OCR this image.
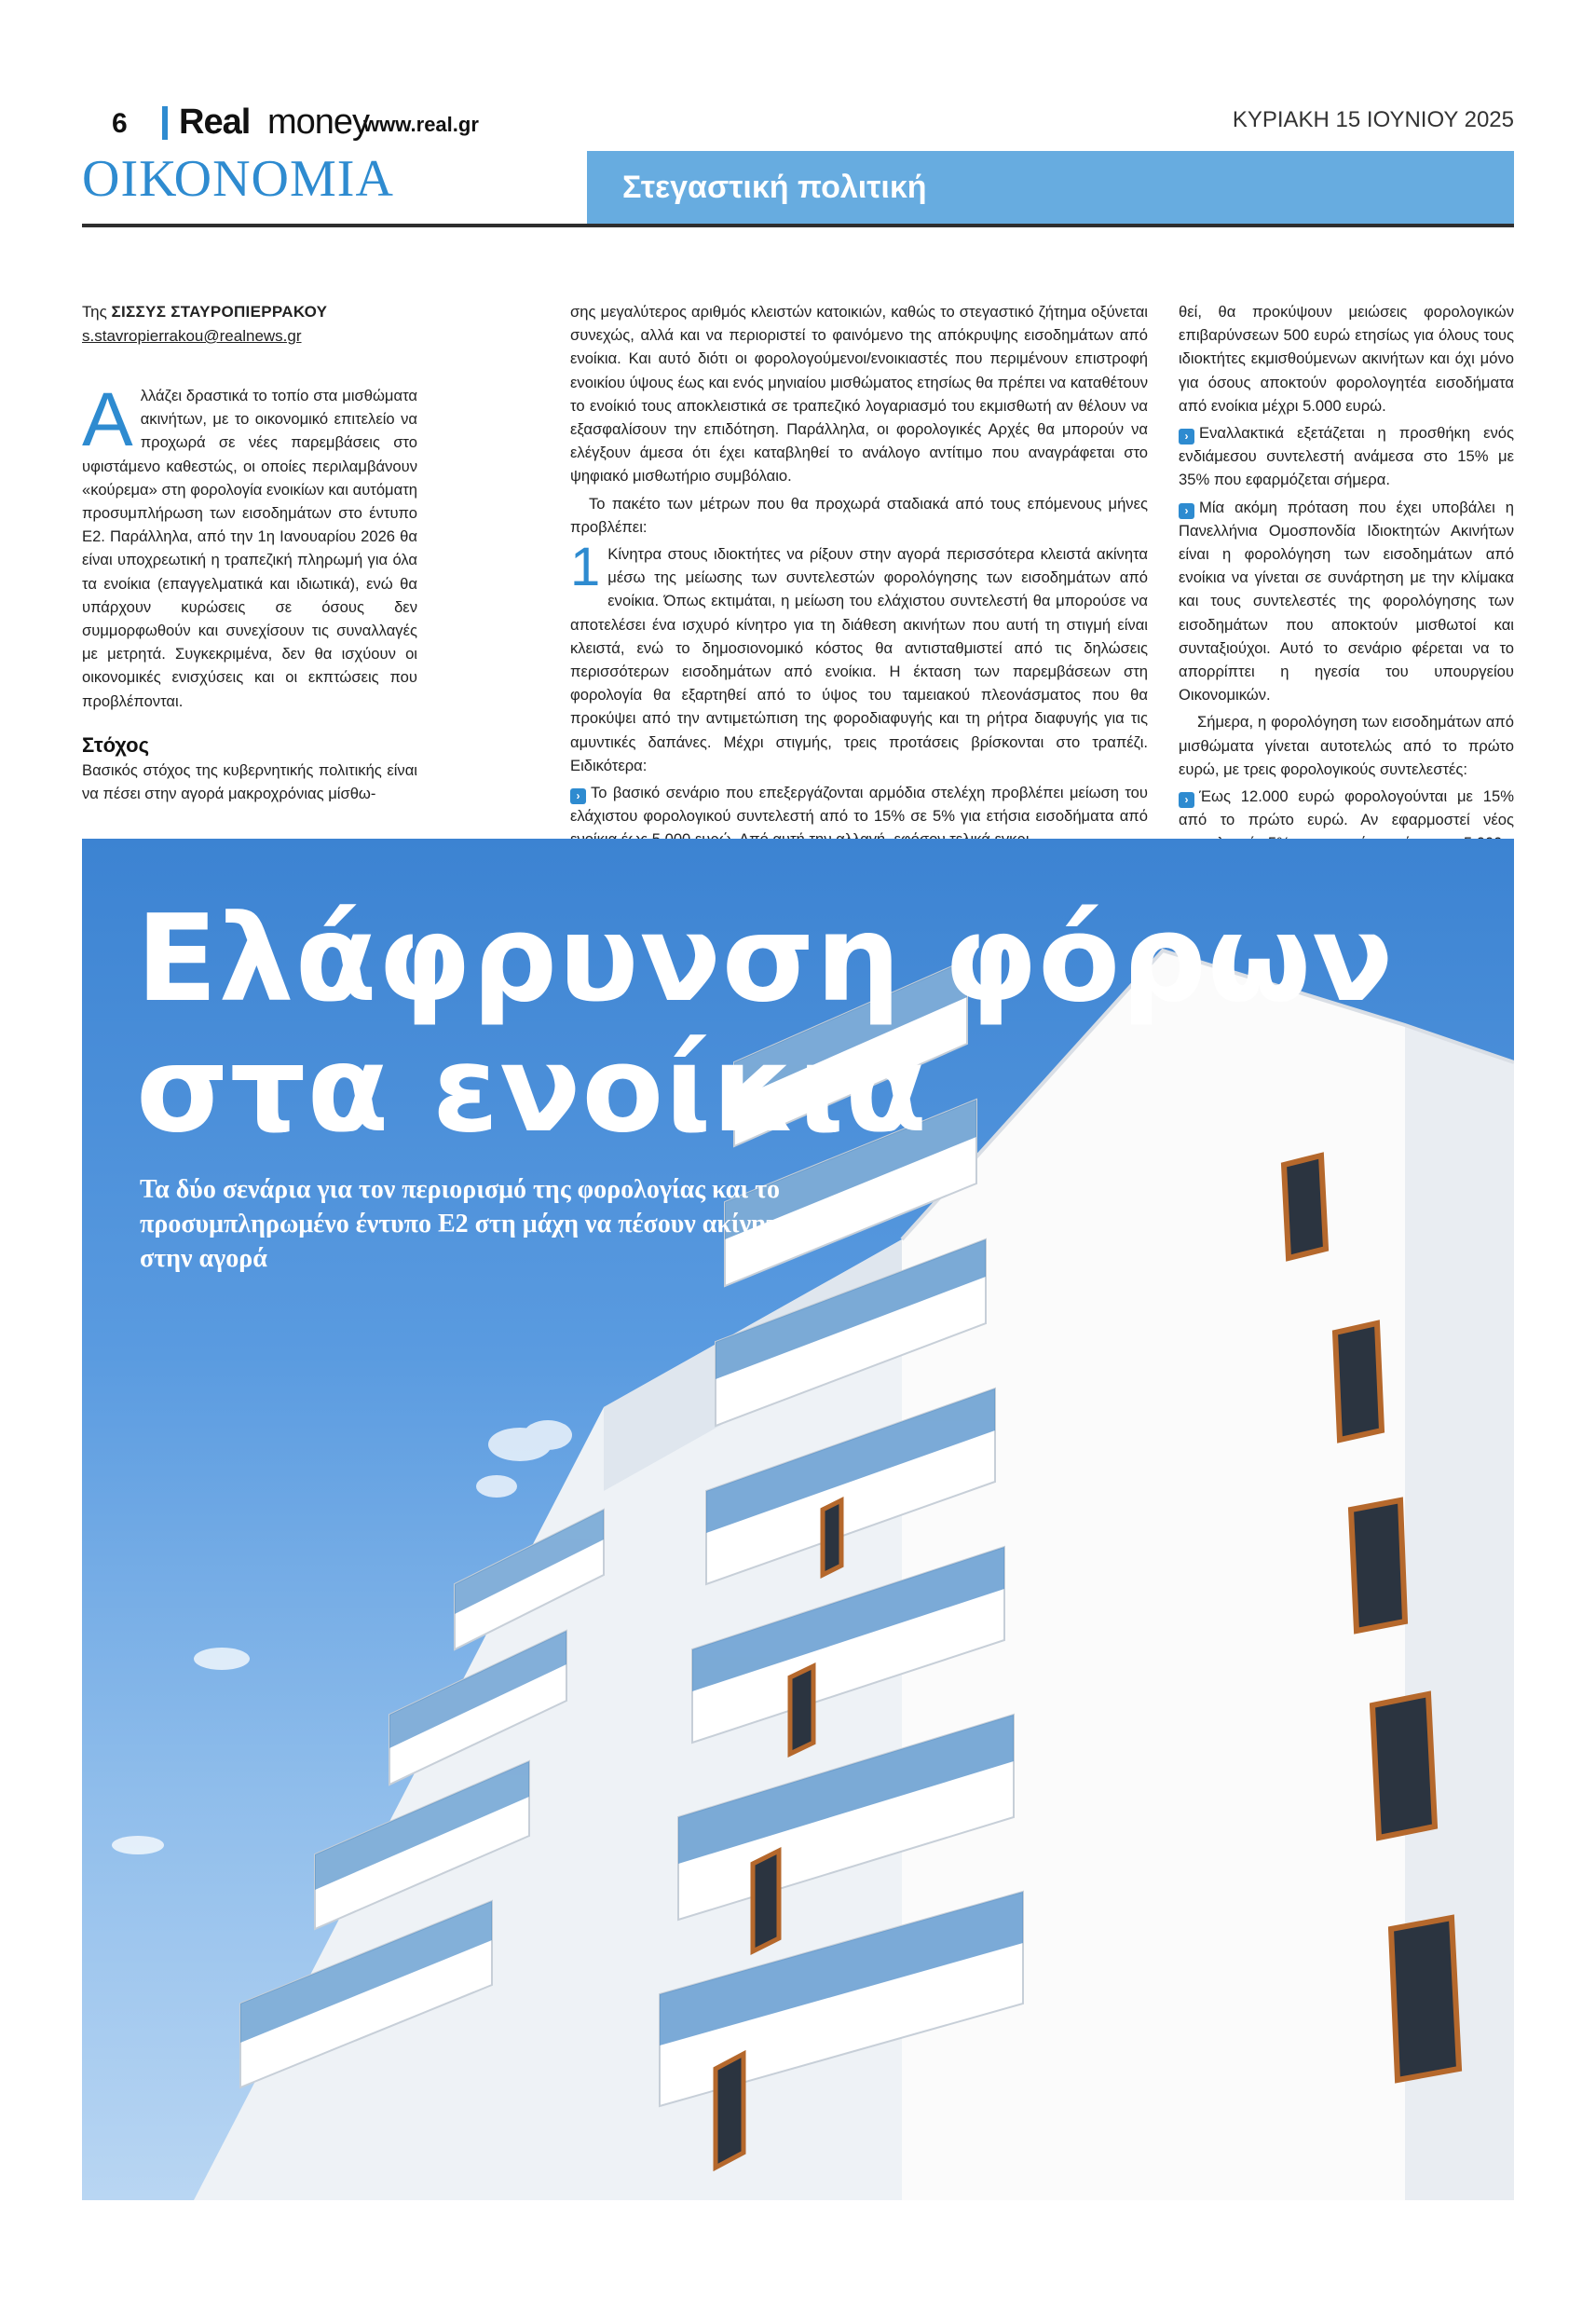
6 Real money
www.real.gr	ΚΥΡΙΑΚΗ 15 ΙΟΥΝΙΟΥ 2025
ΟΙΚΟΝΟΜΙΑ	Στεγαστική πολιτική
Της ΣΙΣΣΥΣ ΣΤΑΥΡΟΠΙΕΡΡΑΚΟΥ
s.stavropierrakou@realnews.gr

Αλλάζει δραστικά το τοπίο στα μισθώματα ακινήτων, με το οικονομικό επιτελείο να προχωρά σε νέες παρεμβάσεις στο υφιστάμενο καθεστώς, οι οποίες περιλαμβάνουν «κούρεμα» στη φορολογία ενοικίων και αυτόματη προσυμπλήρωση των εισοδημάτων στο έντυπο Ε2. Παράλληλα, από την 1η Ιανουαρίου 2026 θα είναι υποχρεωτική η τραπεζική πληρωμή για όλα τα ενοίκια (επαγγελματικά και ιδιωτικά), ενώ θα υπάρχουν κυρώσεις σε όσους δεν συμμορφωθούν και συνεχίσουν τις συναλλαγές με μετρητά. Συγκεκριμένα, δεν θα ισχύουν οι οικονομικές ενισχύσεις και οι εκπτώσεις που προβλέπονται.

Στόχος

Βασικός στόχος της κυβερνητικής πολιτικής είναι να πέσει στην αγορά μακροχρόνιας μίσθω-

σης μεγαλύτερος αριθμός κλειστών κατοικιών, καθώς το στεγαστικό ζήτημα οξύνεται συνεχώς, αλλά και να περιοριστεί το φαινόμενο της απόκρυψης εισοδημάτων από ενοίκια. Και αυτό διότι οι φορολογούμενοι/ενοικιαστές που περιμένουν επιστροφή ενοικίου ύψους έως και ενός μηνιαίου μισθώματος ετησίως θα πρέπει να καταθέτουν το ενοίκιό τους αποκλειστικά σε τραπεζικό λογαριασμό του εκμισθωτή αν θέλουν να εξασφαλίσουν την επιδότηση. Παράλληλα, οι φορολογικές Αρχές θα μπορούν να ελέγξουν άμεσα ότι έχει καταβληθεί το ανάλογο αντίτιμο που αναγράφεται στο ψηφιακό μισθωτήριο συμβόλαιο.

Το πακέτο των μέτρων που θα προχωρά σταδιακά από τους επόμενους μήνες προβλέπει:

1 Κίνητρα στους ιδιοκτήτες να ρίξουν στην αγορά περισσότερα κλειστά ακίνητα μέσω της μείωσης των συντελεστών φορολόγησης των εισοδημάτων από ενοίκια. Όπως εκτιμάται, η μείωση του ελάχιστου συντελεστή θα μπορούσε να αποτελέσει ένα ισχυρό κίνητρο για τη διάθεση ακινήτων που αυτή τη στιγμή είναι κλειστά, ενώ το δημοσιονομικό κόστος θα αντισταθμιστεί από τις δηλώσεις περισσότερων εισοδημάτων από ενοίκια. Η έκταση των παρεμβάσεων στη φορολογία θα εξαρτηθεί από το ύψος του ταμειακού πλεονάσματος που θα προκύψει από την αντιμετώπιση της φοροδιαφυγής και τη ρήτρα διαφυγής για τις αμυντικές δαπάνες. Μέχρι στιγμής, τρεις προτάσεις βρίσκονται στο τραπέζι. Ειδικότερα:

› Το βασικό σενάριο που επεξεργάζονται αρμόδια στελέχη προβλέπει μείωση του ελάχιστου φορολογικού συντελεστή από το 15% σε 5% για ετήσια εισοδήματα από

θεί, θα προκύψουν μειώσεις φορολογικών επιβαρύνσεων 500 ευρώ ετησίως για όλους τους ιδιοκτήτες εκμισθούμενων ακινήτων και όχι μόνο για όσους αποκτούν φορολογητέα εισοδήματα από ενοίκια μέχρι 5.000 ευρώ.

› Εναλλακτικά εξετάζεται η προσθήκη ενός ενδιάμεσου συντελεστή ανάμεσα στο 15% με 35% που εφαρμόζεται σήμερα.

› Μία ακόμη πρόταση που έχει υποβάλει η Πανελλήνια Ομοσπονδία Ιδιοκτητών Ακινήτων είναι η φορολόγηση των εισοδημάτων από ενοίκια να γίνεται σε συνάρτηση με την κλίμακα και τους συντελεστές της φορολόγησης των εισοδημάτων που αποκτούν μισθωτοί και συνταξιούχοι. Αυτό το σενάριο φέρεται να το απορρίπτει η ηγεσία του υπουργείου Οικονομικών.

Σήμερα, η φορολόγηση των εισοδημάτων από μισθώματα γίνεται αυτοτελώς από το πρώτο ευρώ, με τρεις φορολογικούς συντελεστές:

› Έως 12.000 ευρώ φορολογούνται με 15% από το πρώτο ευρώ. Αν εφαρμοστεί νέος

Ελάφρυνση φόρων
στα ενοίκια
Τα δύο σενάρια για τον περιορισμό της φορολογίας και το προσυμπληρωμένο έντυπο Ε2 στη μάχη να πέσουν ακίνητα στην αγορά
